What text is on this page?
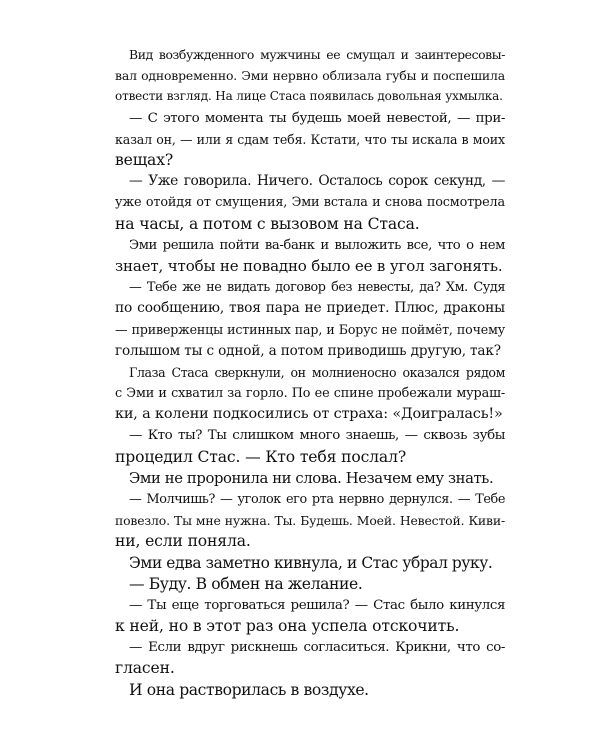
Вид возбужденного мужчины ее смущал и заинтересовы-
вал одновременно. Эми нервно облизала губы и поспешила
отвести взгляд. На лице Стаса появилась довольная ухмылка.
— С этого момента ты будешь моей невестой, — при-
казал он, — или я сдам тебя. Кстати, что ты искала в моих
вещах?
— Уже говорила. Ничего. Осталось сорок секунд, —
уже отойдя от смущения, Эми встала и снова посмотрела
на часы, а потом с вызовом на Стаса.
Эми решила пойти ва-банк и выложить все, что о нем
знает, чтобы не повадно было ее в угол загонять.
— Тебе же не видать договор без невесты, да? Хм. Судя
по сообщению, твоя пара не приедет. Плюс, драконы
— приверженцы истинных пар, и Борус не поймёт, почему
голышом ты с одной, а потом приводишь другую, так?
Глаза Стаса сверкнули, он молниеносно оказался рядом
с Эми и схватил за горло. По ее спине пробежали мураш-
ки, а колени подкосились от страха: «Доигралась!»
— Кто ты? Ты слишком много знаешь, — сквозь зубы
процедил Стас. — Кто тебя послал?
Эми не проронила ни слова. Незачем ему знать.
— Молчишь? — уголок его рта нервно дернулся. — Тебе
повезло. Ты мне нужна. Ты. Будешь. Моей. Невестой. Киви-
ни, если поняла.
Эми едва заметно кивнула, и Стас убрал руку.
— Буду. В обмен на желание.
— Ты еще торговаться решила? — Стас было кинулся
к ней, но в этот раз она успела отскочить.
— Если вдруг рискнешь согласиться. Крикни, что со-
гласен.
И она растворилась в воздухе.
